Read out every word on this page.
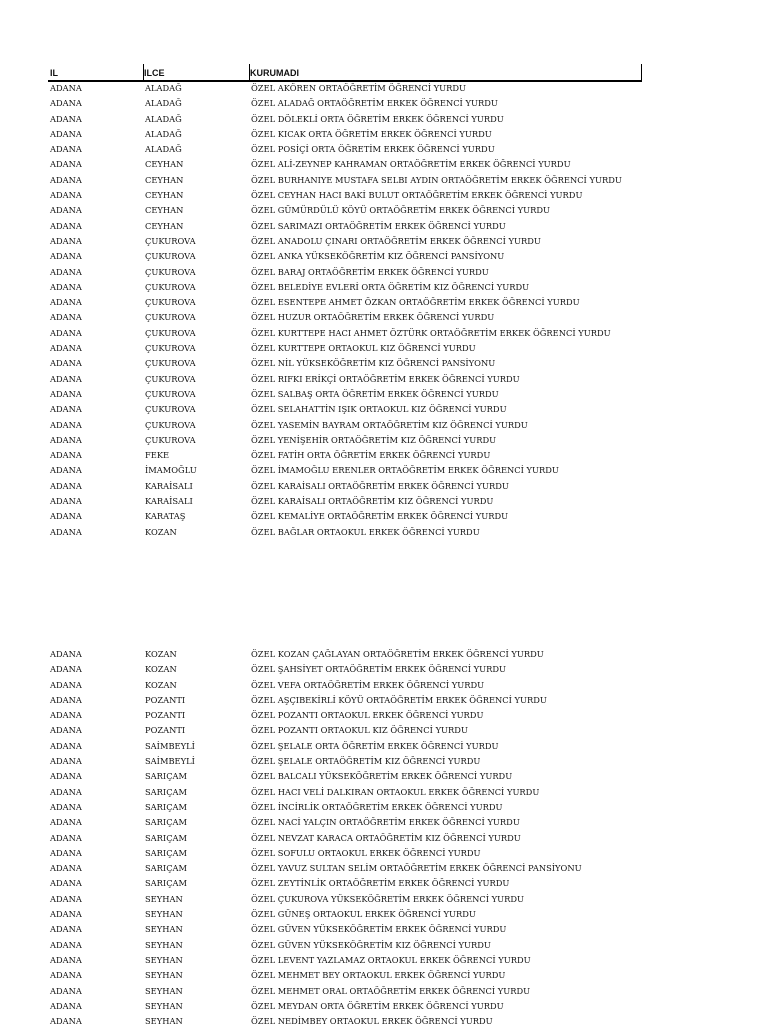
IL	ILCE	KURUMADI
ADANA	ALADAĞ	ÖZEL AKÖREN ORTAÖĞRETİM ÖĞRENCİ YURDU
ADANA	ALADAĞ	ÖZEL ALADAĞ ORTAÖĞRETİM ERKEK ÖĞRENCİ YURDU
ADANA	ALADAĞ	ÖZEL DÖLEKLİ ORTA ÖĞRETİM ERKEK ÖĞRENCİ YURDU
ADANA	ALADAĞ	ÖZEL KICAK ORTA ÖĞRETİM ERKEK ÖĞRENCİ YURDU
ADANA	ALADAĞ	ÖZEL POSİÇİ ORTA ÖĞRETİM ERKEK ÖĞRENCİ YURDU
ADANA	CEYHAN	ÖZEL ALİ-ZEYNEP KAHRAMAN ORTAÖĞRETİM ERKEK ÖĞRENCİ YURDU
ADANA	CEYHAN	ÖZEL BURHANIYE MUSTAFA SELBI AYDIN ORTAÖĞRETİM ERKEK ÖĞRENCİ YURDU
ADANA	CEYHAN	ÖZEL CEYHAN HACI BAKİ BULUT ORTAÖĞRETİM ERKEK ÖĞRENCİ YURDU
ADANA	CEYHAN	ÖZEL GÜMÜRDÜLÜ KÖYÜ ORTAÖĞRETİM ERKEK ÖĞRENCİ YURDU
ADANA	CEYHAN	ÖZEL SARIMAZI ORTAÖĞRETİM ERKEK ÖĞRENCİ YURDU
ADANA	ÇUKUROVA	ÖZEL ANADOLU ÇINARI ORTAÖĞRETİM ERKEK ÖĞRENCİ YURDU
ADANA	ÇUKUROVA	ÖZEL ANKA YÜKSEKÖĞRETİM KIZ ÖĞRENCİ PANSİYONU
ADANA	ÇUKUROVA	ÖZEL BARAJ ORTAÖĞRETİM ERKEK ÖĞRENCİ YURDU
ADANA	ÇUKUROVA	ÖZEL BELEDİYE EVLERİ ORTA ÖĞRETİM KIZ ÖĞRENCİ YURDU
ADANA	ÇUKUROVA	ÖZEL ESENTEPE AHMET ÖZKAN ORTAÖĞRETİM ERKEK ÖĞRENCİ YURDU
ADANA	ÇUKUROVA	ÖZEL HUZUR ORTAÖĞRETİM ERKEK ÖĞRENCİ YURDU
ADANA	ÇUKUROVA	ÖZEL KURTTEPE HACI AHMET ÖZTÜRK ORTAÖĞRETİM ERKEK ÖĞRENCİ YURDU
ADANA	ÇUKUROVA	ÖZEL KURTTEPE ORTAOKUL KIZ ÖĞRENCİ YURDU
ADANA	ÇUKUROVA	ÖZEL NİL YÜKSEKÖĞRETİM KIZ ÖĞRENCİ PANSİYONU
ADANA	ÇUKUROVA	ÖZEL RIFKI ERİKÇİ ORTAÖĞRETİM ERKEK ÖĞRENCİ YURDU
ADANA	ÇUKUROVA	ÖZEL SALBAŞ ORTA ÖĞRETİM ERKEK ÖĞRENCİ YURDU
ADANA	ÇUKUROVA	ÖZEL SELAHATTİN IŞIK ORTAOKUL KIZ ÖĞRENCİ YURDU
ADANA	ÇUKUROVA	ÖZEL YASEMİN BAYRAM ORTAÖĞRETİM KIZ ÖĞRENCİ YURDU
ADANA	ÇUKUROVA	ÖZEL YENİŞEHİR ORTAÖĞRETİM KIZ ÖĞRENCİ YURDU
ADANA	FEKE	ÖZEL FATİH ORTA ÖĞRETİM ERKEK ÖĞRENCİ YURDU
ADANA	İMAMOĞLU	ÖZEL İMAMOĞLU ERENLER ORTAÖĞRETİM ERKEK ÖĞRENCİ YURDU
ADANA	KARAİSALI	ÖZEL KARAİSALI ORTAÖĞRETİM ERKEK ÖĞRENCİ YURDU
ADANA	KARAİSALI	ÖZEL KARAİSALI ORTAÖĞRETİM KIZ ÖĞRENCİ YURDU
ADANA	KARATAŞ	ÖZEL KEMALİYE ORTAÖĞRETİM ERKEK ÖĞRENCİ YURDU
ADANA	KOZAN	ÖZEL BAĞLAR ORTAOKUL ERKEK ÖĞRENCİ YURDU
ADANA	KOZAN	ÖZEL KOZAN ÇAĞLAYAN ORTAÖĞRETİM ERKEK ÖĞRENCİ YURDU
ADANA	KOZAN	ÖZEL ŞAHSİYET ORTAÖĞRETİM ERKEK ÖĞRENCİ YURDU
ADANA	KOZAN	ÖZEL VEFA ORTAÖĞRETİM ERKEK ÖĞRENCİ YURDU
ADANA	POZANTI	ÖZEL AŞÇIBEKİRLİ KÖYÜ ORTAÖĞRETİM ERKEK ÖĞRENCİ YURDU
ADANA	POZANTI	ÖZEL POZANTI ORTAOKUL ERKEK ÖĞRENCİ YURDU
ADANA	POZANTI	ÖZEL POZANTI ORTAOKUL KIZ ÖĞRENCİ YURDU
ADANA	SAİMBEYLİ	ÖZEL ŞELALE ORTA ÖĞRETİM ERKEK ÖĞRENCİ YURDU
ADANA	SAİMBEYLİ	ÖZEL ŞELALE ORTAÖĞRETİM KIZ ÖĞRENCİ YURDU
ADANA	SARIÇAM	ÖZEL BALCALI YÜKSEKÖĞRETİM ERKEK ÖĞRENCİ YURDU
ADANA	SARIÇAM	ÖZEL HACI VELİ DALKIRAN ORTAOKUL ERKEK ÖĞRENCİ YURDU
ADANA	SARIÇAM	ÖZEL İNCİRLİK ORTAÖĞRETİM ERKEK ÖĞRENCİ YURDU
ADANA	SARIÇAM	ÖZEL NACİ YALÇIN ORTAÖĞRETİM ERKEK ÖĞRENCİ YURDU
ADANA	SARIÇAM	ÖZEL NEVZAT KARACA ORTAÖĞRETİM KIZ ÖĞRENCİ YURDU
ADANA	SARIÇAM	ÖZEL SOFULU ORTAOKUL ERKEK ÖĞRENCİ YURDU
ADANA	SARIÇAM	ÖZEL YAVUZ SULTAN SELİM ORTAÖĞRETİM ERKEK ÖĞRENCİ PANSİYONU
ADANA	SARIÇAM	ÖZEL ZEYTİNLİK ORTAÖĞRETİM ERKEK ÖĞRENCİ YURDU
ADANA	SEYHAN	ÖZEL ÇUKUROVA YÜKSEKÖĞRETİM ERKEK ÖĞRENCİ YURDU
ADANA	SEYHAN	ÖZEL GÜNEŞ ORTAOKUL ERKEK ÖĞRENCİ YURDU
ADANA	SEYHAN	ÖZEL GÜVEN YÜKSEKÖĞRETİM ERKEK ÖĞRENCİ YURDU
ADANA	SEYHAN	ÖZEL GÜVEN YÜKSEKÖĞRETİM KIZ ÖĞRENCİ YURDU
ADANA	SEYHAN	ÖZEL LEVENT YAZLAMAZ ORTAOKUL ERKEK ÖĞRENCİ YURDU
ADANA	SEYHAN	ÖZEL MEHMET BEY ORTAOKUL ERKEK ÖĞRENCİ YURDU
ADANA	SEYHAN	ÖZEL MEHMET ORAL ORTAÖĞRETİM ERKEK ÖĞRENCİ YURDU
ADANA	SEYHAN	ÖZEL MEYDAN ORTA ÖĞRETİM ERKEK ÖĞRENCİ YURDU
ADANA	SEYHAN	ÖZEL NEDİMBEY ORTAOKUL ERKEK ÖĞRENCİ YURDU
